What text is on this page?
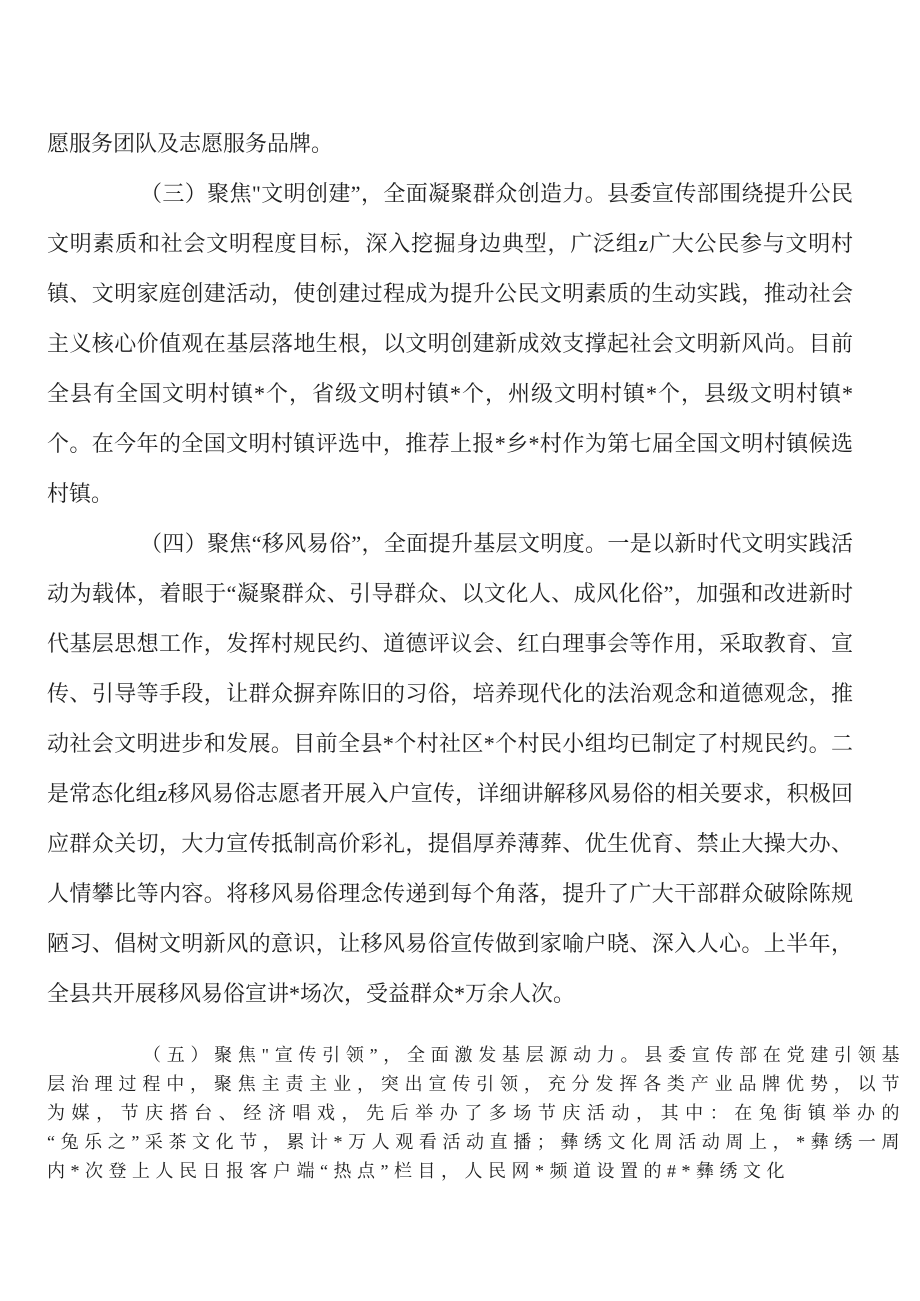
愿服务团队及志愿服务品牌。

（三）聚焦"文明创建”，全面凝聚群众创造力。县委宣传部围绕提升公民文明素质和社会文明程度目标，深入挖掘身边典型，广泛组z广大公民参与文明村镇、文明家庭创建活动，使创建过程成为提升公民文明素质的生动实践，推动社会主义核心价值观在基层落地生根，以文明创建新成效支撑起社会文明新风尚。目前全县有全国文明村镇*个，省级文明村镇*个，州级文明村镇*个，县级文明村镇*个。在今年的全国文明村镇评选中，推荐上报*乡*村作为第七届全国文明村镇候选村镇。

（四）聚焦“移风易俗”，全面提升基层文明度。一是以新时代文明实践活动为载体，着眼于“凝聚群众、引导群众、以文化人、成风化俗”，加强和改进新时代基层思想工作，发挥村规民约、道德评议会、红白理事会等作用，采取教育、宣传、引导等手段，让群众摒弃陈旧的习俗，培养现代化的法治观念和道德观念，推动社会文明进步和发展。目前全县*个村社区*个村民小组均已制定了村规民约。二是常态化组z移风易俗志愿者开展入户宣传，详细讲解移风易俗的相关要求，积极回应群众关切，大力宣传抵制高价彩礼，提倡厚养薄葬、优生优育、禁止大操大办、人情攀比等内容。将移风易俗理念传递到每个角落，提升了广大干部群众破除陈规陋习、倡树文明新风的意识，让移风易俗宣传做到家喻户晓、深入人心。上半年，全县共开展移风易俗宣讲*场次，受益群众*万余人次。

（五）聚焦"宣传引领”，全面激发基层源动力。县委宣传部在党建引领基层治理过程中，聚焦主责主业，突出宣传引领，充分发挥各类产业品牌优势，以节为媒，节庆搭台、经济唱戏，先后举办了多场节庆活动，其中：在兔街镇举办的“兔乐之”采茶文化节，累计*万人观看活动直播；彝绣文化周活动周上，*彝绣一周内*次登上人民日报客户端“热点”栏目，人民网*频道设置的#*彝绣文化
